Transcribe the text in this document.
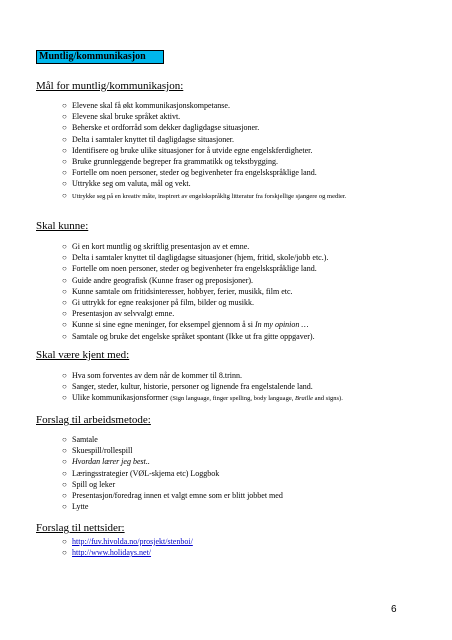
Muntlig/kommunikasjon
Mål for muntlig/kommunikasjon:
○ Elevene skal få økt kommunikasjonskompetanse.
○ Elevene skal bruke språket aktivt.
○ Beherske et ordforråd som dekker dagligdagse situasjoner.
○ Delta i samtaler knyttet til dagligdagse situasjoner.
○ Identifisere og bruke ulike situasjoner for å utvide egne engelskferdigheter.
○ Bruke grunnleggende begreper fra grammatikk og tekstbygging.
○ Fortelle om noen personer, steder og begivenheter fra engelskspråklige land.
○ Uttrykke seg om valuta, mål og vekt.
○ Uttrykke seg på en kreativ måte, inspirert av engelskspråklig litteratur fra forskjellige sjangere og medier.
Skal kunne:
○ Gi en kort muntlig og skriftlig presentasjon av et emne.
○ Delta i samtaler knyttet til dagligdagse situasjoner (hjem, fritid, skole/jobb etc.).
○ Fortelle om noen personer, steder og begivenheter fra engelskspråklige land.
○ Guide andre geografisk (Kunne fraser og preposisjoner).
○ Kunne samtale om fritidsinteresser, hobbyer, ferier, musikk, film etc.
○ Gi uttrykk for egne reaksjoner på film, bilder og musikk.
○ Presentasjon av selvvalgt emne.
○ Kunne si sine egne meninger, for eksempel gjennom å si In my opinion …
○ Samtale og bruke det engelske språket spontant (Ikke ut fra gitte oppgaver).
Skal være kjent med:
○ Hva som forventes av dem når de kommer til 8.trinn.
○ Sanger, steder, kultur, historie, personer og lignende fra engelstalende land.
○ Ulike kommunikasjonsformer (Sign language, finger spelling, body language, Braille and signs).
Forslag til arbeidsmetode:
○ Samtale
○ Skuespill/rollespill
○ Hvordan lærer jeg best..
○ Læringsstrategier (VØL-skjema etc) Loggbok
○ Spill og leker
○ Presentasjon/foredrag innen et valgt emne som er blitt jobbet med
○ Lytte
Forslag til nettsider:
○ http://fuv.hivolda.no/prosjekt/stenboi/
○ http://www.holidays.net/
6
